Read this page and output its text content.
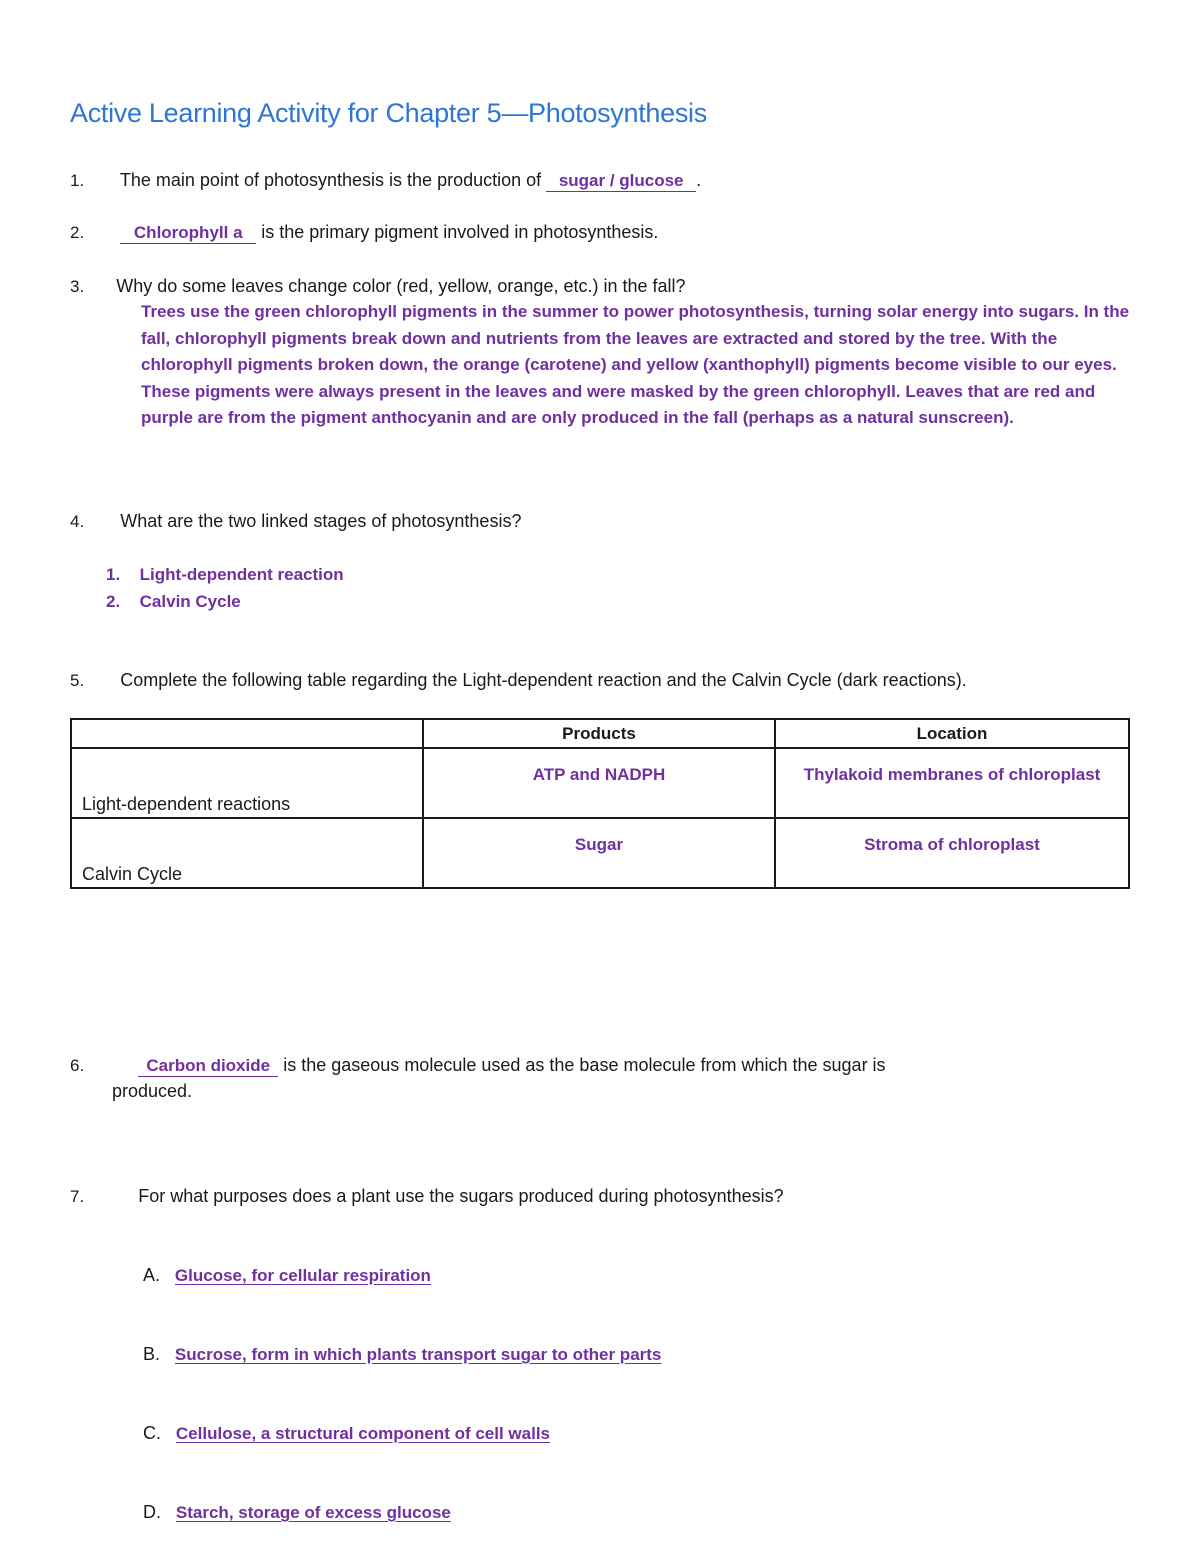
Active Learning Activity for Chapter 5—Photosynthesis
1. The main point of photosynthesis is the production of sugar / glucose .
2.	Chlorophyll a is the primary pigment involved in photosynthesis.
3. Why do some leaves change color (red, yellow, orange, etc.) in the fall?
Trees use the green chlorophyll pigments in the summer to power photosynthesis, turning solar energy into sugars. In the fall, chlorophyll pigments break down and nutrients from the leaves are extracted and stored by the tree. With the chlorophyll pigments broken down, the orange (carotene) and yellow (xanthophyll) pigments become visible to our eyes. These pigments were always present in the leaves and were masked by the green chlorophyll. Leaves that are red and purple are from the pigment anthocyanin and are only produced in the fall (perhaps as a natural sunscreen).
4. What are the two linked stages of photosynthesis?
1. Light-dependent reaction
2. Calvin Cycle
5. Complete the following table regarding the Light-dependent reaction and the Calvin Cycle (dark reactions).
	Products	Location
Light-dependent reactions	ATP and NADPH	Thylakoid membranes of chloroplast
Calvin Cycle	Sugar	Stroma of chloroplast
6.	Carbon dioxide is the gaseous molecule used as the base molecule from which the sugar is
produced.
7.	For what purposes does a plant use the sugars produced during photosynthesis?
A. Glucose, for cellular respiration
B. Sucrose, form in which plants transport sugar to other parts
C. Cellulose, a structural component of cell walls
D. Starch, storage of excess glucose
